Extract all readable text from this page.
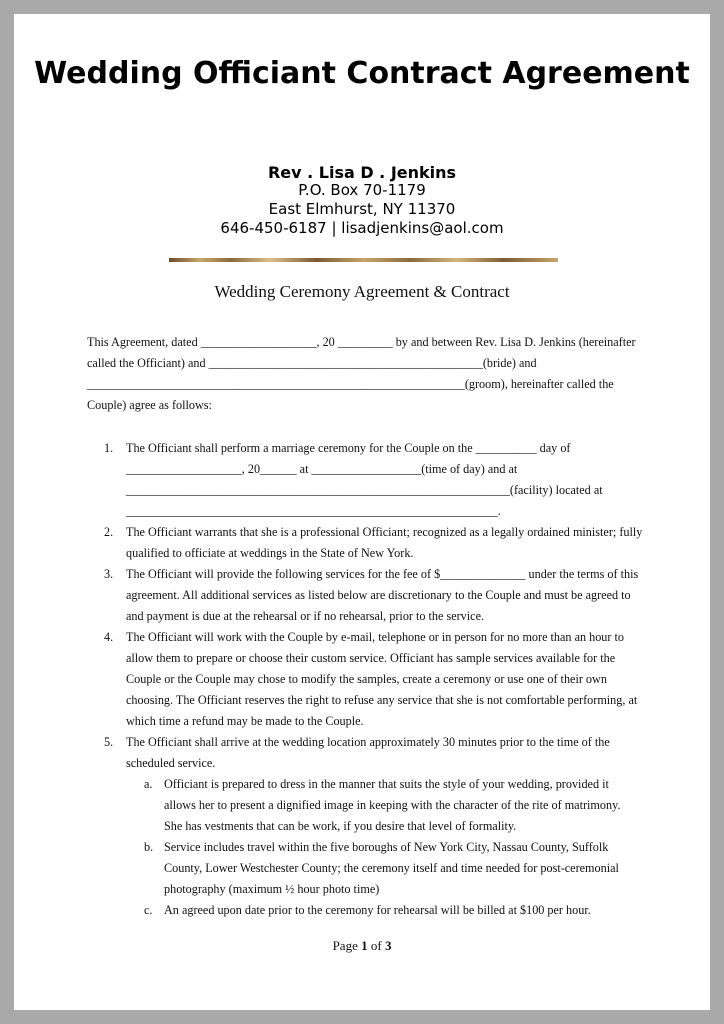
Wedding Officiant Contract Agreement
Rev . Lisa D . Jenkins
P.O. Box 70-1179
East Elmhurst, NY 11370
646-450-6187 | lisadjenkins@aol.com
Wedding Ceremony Agreement & Contract
This Agreement, dated ___________________, 20 _________ by and between Rev. Lisa D. Jenkins (hereinafter
called the Officiant) and _____________________________________________(bride) and
______________________________________________________________(groom), hereinafter called the
Couple) agree as follows:
1. The Officiant shall perform a marriage ceremony for the Couple on the __________ day of
___________________, 20______ at __________________(time of day) and at
_______________________________________________________________(facility) located at
_____________________________________________________________.
2. The Officiant warrants that she is a professional Officiant; recognized as a legally ordained minister; fully
qualified to officiate at weddings in the State of New York.
3. The Officiant will provide the following services for the fee of $______________ under the terms of this
agreement. All additional services as listed below are discretionary to the Couple and must be agreed to
and payment is due at the rehearsal or if no rehearsal, prior to the service.
4. The Officiant will work with the Couple by e-mail, telephone or in person for no more than an hour to
allow them to prepare or choose their custom service. Officiant has sample services available for the
Couple or the Couple may chose to modify the samples, create a ceremony or use one of their own
choosing. The Officiant reserves the right to refuse any service that she is not comfortable performing, at
which time a refund may be made to the Couple.
5. The Officiant shall arrive at the wedding location approximately 30 minutes prior to the time of the
scheduled service.
a. Officiant is prepared to dress in the manner that suits the style of your wedding, provided it
allows her to present a dignified image in keeping with the character of the rite of matrimony.
She has vestments that can be work, if you desire that level of formality.
b. Service includes travel within the five boroughs of New York City, Nassau County, Suffolk
County, Lower Westchester County; the ceremony itself and time needed for post-ceremonial
photography (maximum ½ hour photo time)
c. An agreed upon date prior to the ceremony for rehearsal will be billed at $100 per hour.
Page 1 of 3
